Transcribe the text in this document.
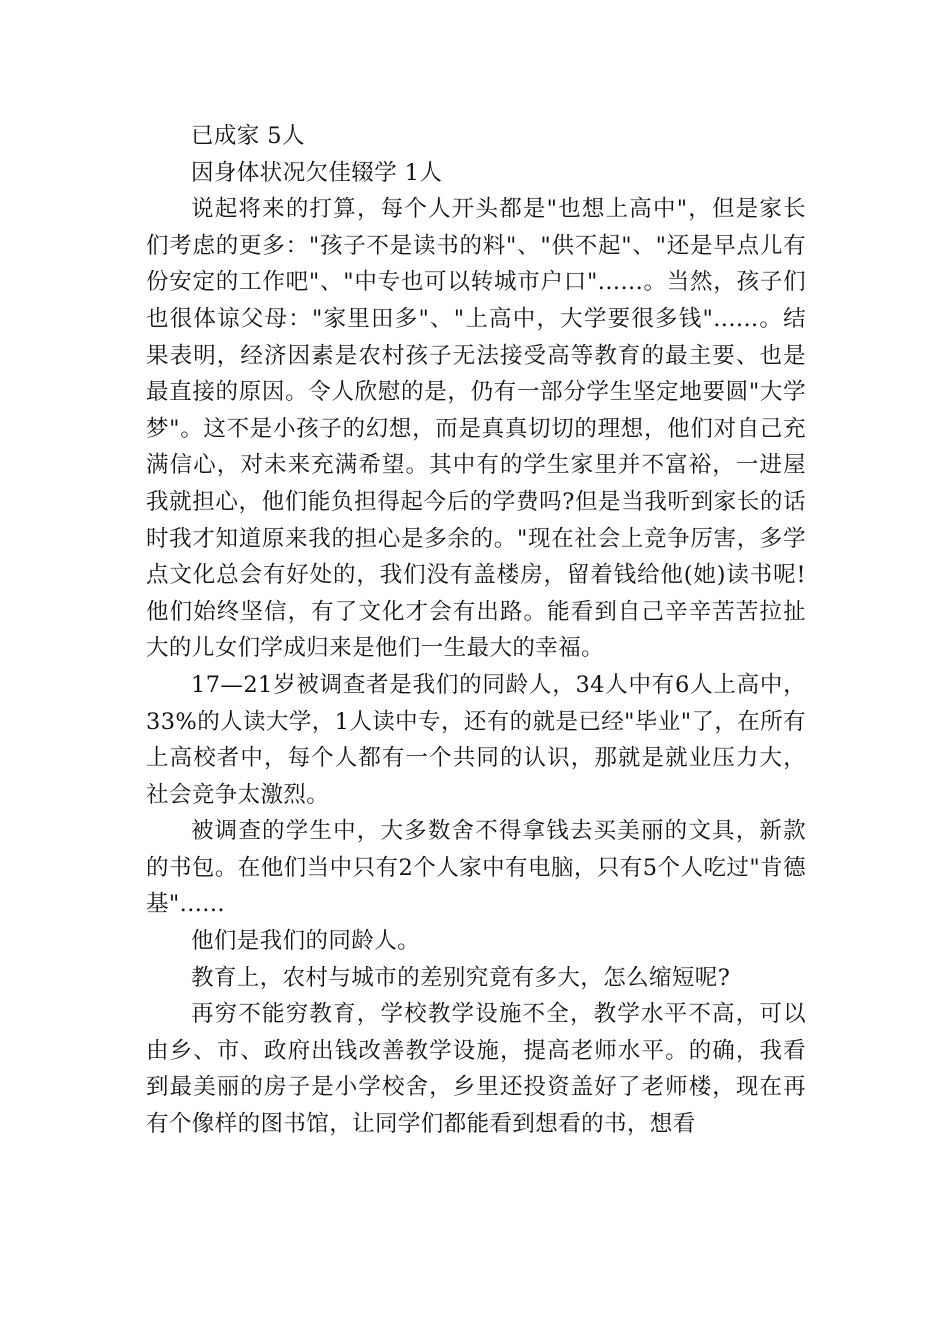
已成家 5人

因身体状况欠佳辍学 1人

说起将来的打算，每个人开头都是"也想上高中"，但是家长们考虑的更多："孩子不是读书的料"、"供不起"、"还是早点儿有份安定的工作吧"、"中专也可以转城市户口"......。当然，孩子们也很体谅父母："家里田多"、"上高中，大学要很多钱"......。结果表明，经济因素是农村孩子无法接受高等教育的最主要、也是最直接的原因。令人欣慰的是，仍有一部分学生坚定地要圆"大学梦"。这不是小孩子的幻想，而是真真切切的理想，他们对自己充满信心，对未来充满希望。其中有的学生家里并不富裕，一进屋我就担心，他们能负担得起今后的学费吗?但是当我听到家长的话时我才知道原来我的担心是多余的。"现在社会上竞争厉害，多学点文化总会有好处的，我们没有盖楼房，留着钱给他(她)读书呢!他们始终坚信，有了文化才会有出路。能看到自己辛辛苦苦拉扯大的儿女们学成归来是他们一生最大的幸福。

17—21岁被调查者是我们的同龄人，34人中有6人上高中，33%的人读大学，1人读中专，还有的就是已经"毕业"了，在所有上高校者中，每个人都有一个共同的认识，那就是就业压力大，社会竞争太激烈。

被调查的学生中，大多数舍不得拿钱去买美丽的文具，新款的书包。在他们当中只有2个人家中有电脑，只有5个人吃过"肯德基"......

他们是我们的同龄人。

教育上，农村与城市的差别究竟有多大，怎么缩短呢?

再穷不能穷教育，学校教学设施不全，教学水平不高，可以由乡、市、政府出钱改善教学设施，提高老师水平。的确，我看到最美丽的房子是小学校舍，乡里还投资盖好了老师楼，现在再有个像样的图书馆，让同学们都能看到想看的书，想看
